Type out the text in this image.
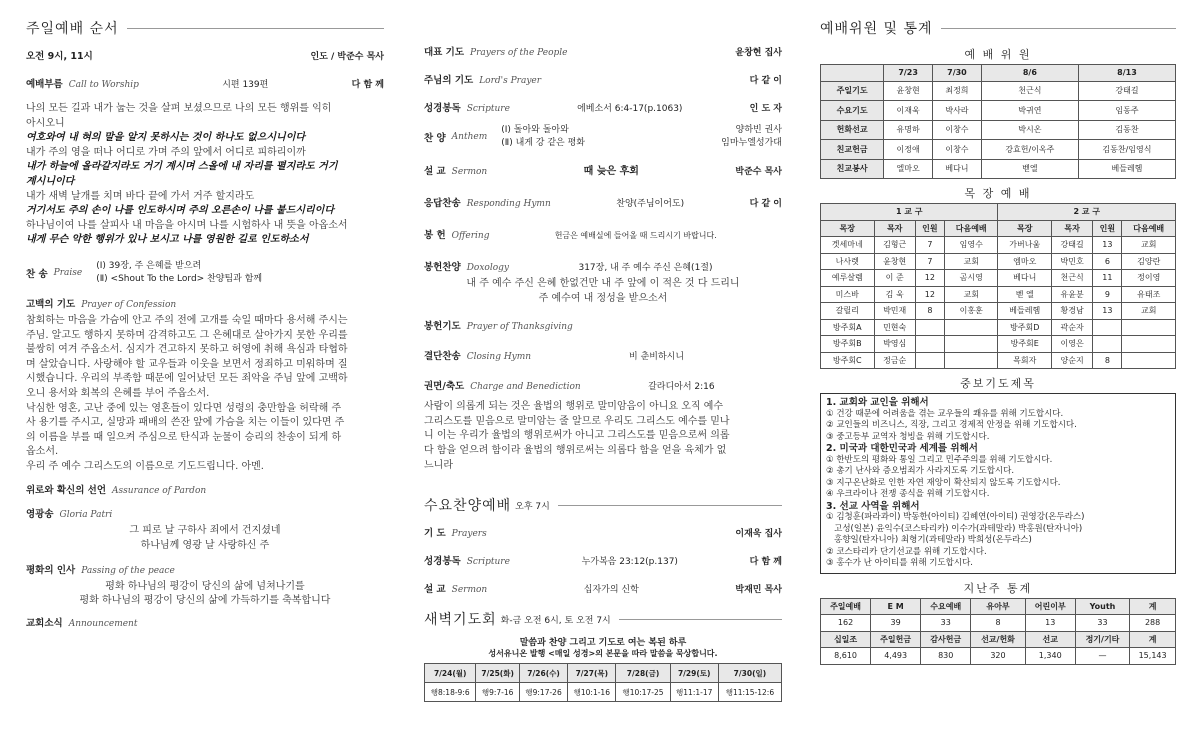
주일예배 순서
오전 9시, 11시	인도 / 박준수 목사
예배부름 Call to Worship	시편 139편	다 함 께
나의 모든 길과 내가 눕는 것을 살펴 보셨으므로 나의 모든 행위를 익히
아시오니
여호와여 내 혀의 말을 알지 못하시는 것이 하나도 없으시니이다
내가 주의 영을 떠나 어디로 가며 주의 앞에서 어디로 피하리이까
내가 하늘에 올라갈지라도 거기 계시며 스올에 내 자리를 펼지라도 거기
계시니이다
내가 새벽 날개를 치며 바다 끝에 가서 거주 할지라도
거기서도 주의 손이 나를 인도하시며 주의 오른손이 나를 붙드시리이다
하나님이여 나를 살피사 내 마음을 아시며 나를 시험하사 내 뜻을 아옵소서
내게 무슨 악한 행위가 있나 보시고 나를 영원한 길로 인도하소서
찬 송 Praise
(Ⅰ) 39장, 주 은혜를 받으려
(Ⅱ) <Shout To the Lord> 찬양팀과 함께
고백의 기도 Prayer of Confession
참회하는 마음을 가슴에 안고 주의 전에 고개를 숙일 때마다 용서해 주시는
주님. 알고도 행하지 못하며 감격하고도 그 은혜대로 살아가지 못한 우리를
불쌍히 여겨 주옵소서. 심지가 견고하지 못하고 허영에 취해 욕심과 타협하
며 살았습니다. 사랑해야 할 교우들과 이웃을 보면서 정죄하고 미워하며 질
시했습니다. 우리의 부족함 때문에 일어났던 모든 죄악을 주님 앞에 고백하
오니 용서와 회복의 은혜를 부어 주옵소서.
낙심한 영혼, 고난 중에 있는 영혼들이 있다면 성령의 충만함을 허락해 주
사 용기를 주시고, 실망과 패배의 쓴잔 앞에 가슴을 치는 이들이 있다면 주
의 이름을 부를 때 일으켜 주심으로 탄식과 눈물이 승리의 찬송이 되게 하
옵소서.
우리 주 예수 그리스도의 이름으로 기도드립니다. 아멘.
위로와 확신의 선언 Assurance of Pardon
영광송 Gloria Patri
그 피로 날 구하사 죄에서 건지셨네
하나님께 영광 날 사랑하신 주
평화의 인사 Passing of the peace
평화 하나님의 평강이 당신의 삶에 넘쳐나기를
평화 하나님의 평강이 당신의 삶에 가득하기를 축복합니다
교회소식 Announcement
대표 기도 Prayers of the People	윤창현 집사
주님의 기도 Lord's Prayer	다 같 이
성경봉독 Scripture	에베소서 6:4-17(p.1063)	인 도 자
찬 양 Anthem
(Ⅰ) 돌아와 돌아와
(Ⅱ) 내게 강 같은 평화
양하빈 권사
임마누엘성가대
설 교 Sermon	때 늦은 후회	박준수 목사
응답찬송 Responding Hymn	찬양(주님이어도)	다 같 이
봉 헌 Offering	헌금은 예배실에 들어올 때 드리시기 바랍니다.
봉헌찬양 Doxology	317장, 내 주 예수 주신 은혜(1절)
내 주 예수 주신 은혜 한없건만 내 주 앞에 이 적은 것 다 드리니
주 예수여 내 정성을 받으소서
봉헌기도 Prayer of Thanksgiving
결단찬송 Closing Hymn	비 춘비하시니
권면/축도 Charge and Benediction	갈라디아서 2:16
사람이 의롭게 되는 것은 율법의 행위로 말미암음이 아니요 오직 예수
그리스도를 믿음으로 말미암는 줄 알므로 우리도 그리스도 예수를 믿나
니 이는 우리가 율법의 행위로써가 아니고 그리스도를 믿음으로써 의롭
다 함을 얻으려 함이라 율법의 행위로써는 의롭다 함을 얻을 육체가 없
느니라
수요찬양예배 오후 7시
기 도 Prayers	이재욱 집사
성경봉독 Scripture	누가복음 23:12(p.137)	다 함 께
설 교 Sermon	십자가의 신학	박재민 목사
새벽기도회 화-금 오전 6시, 토 오전 7시
말씀과 찬양 그리고 기도로 여는 복된 하루
성서유니온 발행 <매일 성경>의 본문을 따라 말씀을 묵상합니다.
7/24(월)	7/25(화)	7/26(수)	7/27(목)	7/28(금)	7/29(토)	7/30(일)
행8:18-9:6	행9:7-16	행9:17-26	행10:1-16	행10:17-25	행11:1-17	행11:15-12:6
예배위원 및 통계
예 배 위 원
	7/23	7/30	8/6	8/13
주일기도	윤창현	최정희	천근식	강태길
수요기도	이재욱	박사라	박귀연	임동주
헌화선교	유명하	이창수	박시온	김동찬
친교헌금	이정애	이창수	강효헌/이옥주	김동찬/임영식
친교봉사	엘마오	베다니	벧엘	베들레헴
목 장 예 배
1 교 구				2 교 구			
목장	목자	인원	다음예배	목장	목자	인원	다음예배
겟세마네	김형근	7	임영수	가버나움	강태길	13	교회
나사렛	윤창현	7	교회	엠마오	박민호	6	김양란
예루살렘	이 준	12	곰시영	베다니	천근식	11	정이영
미스바	김 욱	12	교회	벧 엘	유윤분	9	유태조
갈릴리	박민재	8	이홍훈	베들레헴	황경남	13	교회
방주회A	민현숙			방주회D	곽순자		
방주회B	박영심			방주회E	이영은		
방주회C	정금순			목회자	양순지	8	
중보기도제목
1. 교회와 교인을 위해서
① 건강 때문에 어려움을 겪는 교우들의 쾌유를 위해 기도합시다.
② 교인들의 비즈니스, 직장, 그리고 경제적 안정을 위해 기도합시다.
③ 중고등부 교역자 청빙을 위해 기도합시다.
2. 미국과 대한민국과 세계를 위해서
① 한반도의 평화와 통일 그리고 민주주의를 위해 기도합시다.
② 총기 난사와 증오범죄가 사라지도록 기도합시다.
③ 지구온난화로 인한 자연 재앙이 확산되지 않도록 기도합시다.
④ 우크라이나 전쟁 종식을 위해 기도합시다.
3. 선교 사역을 위해서
① 김청훈(파라과이) 박동한(아이티) 김혜연(아이티) 권영강(온두라스)
고성(일본) 윤익수(코스타리카) 이수가(과테말라) 박홍원(탄자니아)
홍향일(탄자니아) 최형기(과테말라) 박희성(온두라스)
② 코스타리카 단기선교를 위해 기도합시다.
③ 홍수가 난 아이티를 위해 기도합시다.
지난주 통계
주일예배	E M	수요예배	유아부	어린이부	Youth	계
162	39	33	8	13	33	288
십일조	주일헌금	감사헌금	선교/헌화	선교	정기/기타	계
8,610	4,493	830	320	1,340	—	15,143
